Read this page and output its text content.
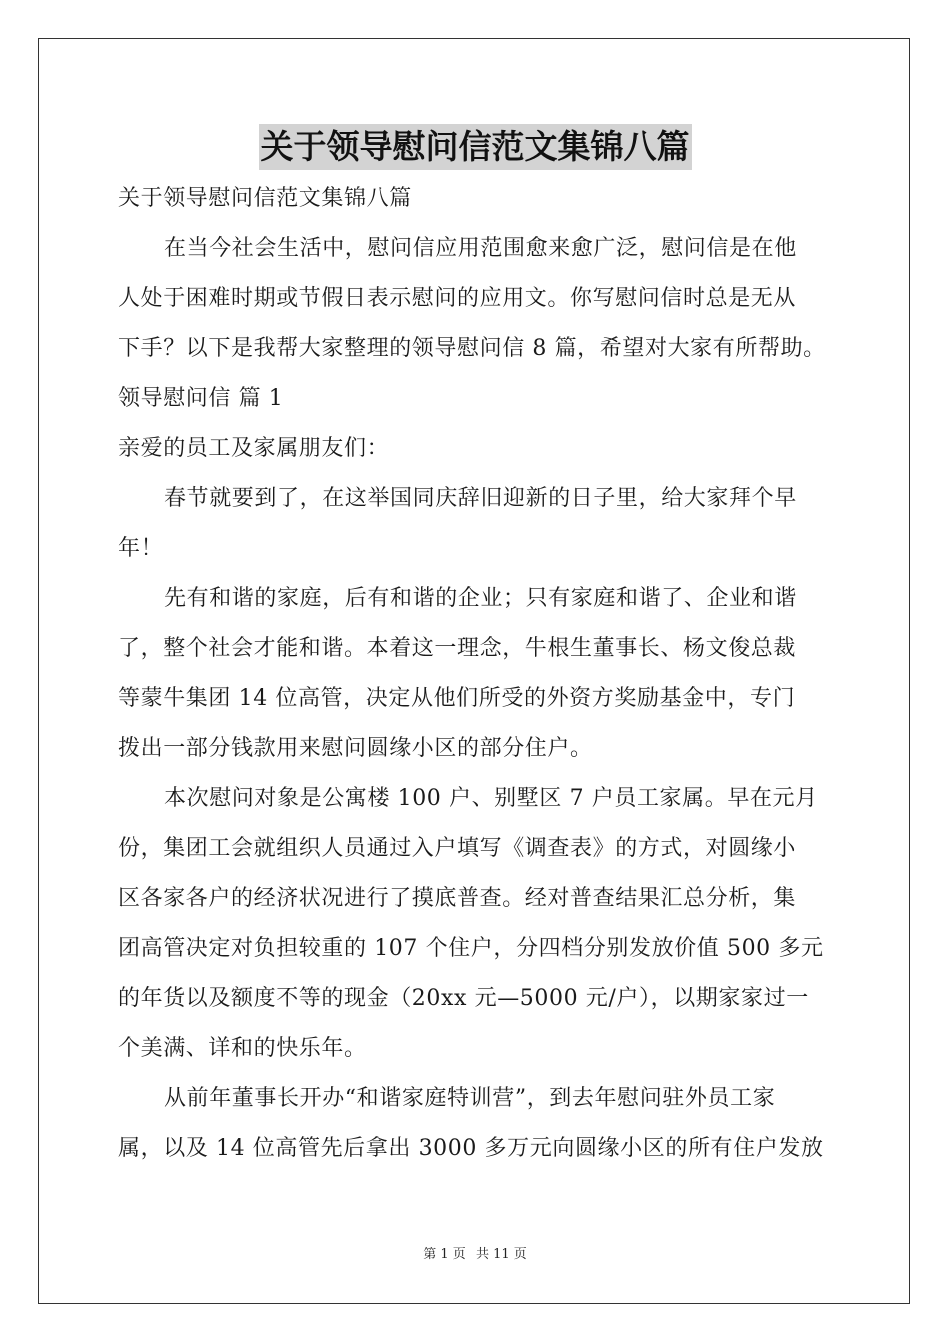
关于领导慰问信范文集锦八篇
关于领导慰问信范文集锦八篇
在当今社会生活中，慰问信应用范围愈来愈广泛，慰问信是在他
人处于困难时期或节假日表示慰问的应用文。你写慰问信时总是无从
下手？以下是我帮大家整理的领导慰问信 8 篇，希望对大家有所帮助。
领导慰问信 篇 1
亲爱的员工及家属朋友们：
春节就要到了，在这举国同庆辞旧迎新的日子里，给大家拜个早
年！
先有和谐的家庭，后有和谐的企业；只有家庭和谐了、企业和谐
了，整个社会才能和谐。本着这一理念，牛根生董事长、杨文俊总裁
等蒙牛集团 14 位高管，决定从他们所受的外资方奖励基金中，专门
拨出一部分钱款用来慰问圆缘小区的部分住户。
本次慰问对象是公寓楼 100 户、别墅区 7 户员工家属。早在元月
份，集团工会就组织人员通过入户填写《调查表》的方式，对圆缘小
区各家各户的经济状况进行了摸底普查。经对普查结果汇总分析，集
团高管决定对负担较重的 107 个住户，分四档分别发放价值 500 多元
的年货以及额度不等的现金（20xx 元—5000 元/户），以期家家过一
个美满、详和的快乐年。
从前年董事长开办“和谐家庭特训营”，到去年慰问驻外员工家
属，以及 14 位高管先后拿出 3000 多万元向圆缘小区的所有住户发放
第 1 页 共 11 页
